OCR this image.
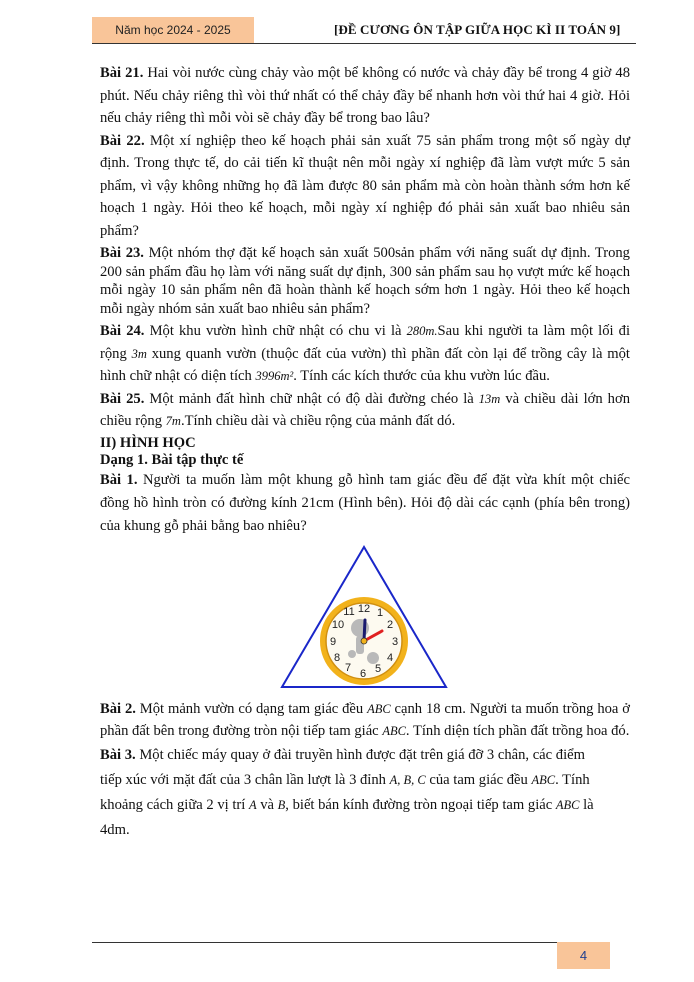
Năm học 2024 - 2025	[ĐỀ CƯƠNG ÔN TẬP GIỮA HỌC KÌ II TOÁN 9]

Bài 21. Hai vòi nước cùng chảy vào một bể không có nước và chảy đầy bể trong 4 giờ 48 phút. Nếu chảy riêng thì vòi thứ nhất có thể chảy đầy bể nhanh hơn vòi thứ hai 4 giờ. Hỏi nếu chảy riêng thì mỗi vòi sẽ chảy đầy bể trong bao lâu?

Bài 22. Một xí nghiệp theo kế hoạch phải sản xuất 75 sản phẩm trong một số ngày dự định. Trong thực tế, do cải tiến kĩ thuật nên mỗi ngày xí nghiệp đã làm vượt mức 5 sản phẩm, vì vậy không những họ đã làm được 80 sản phẩm mà còn hoàn thành sớm hơn kế hoạch 1 ngày. Hỏi theo kế hoạch, mỗi ngày xí nghiệp đó phải sản xuất bao nhiêu sản phẩm?

Bài 23. Một nhóm thợ đặt kế hoạch sản xuất 500sản phẩm với năng suất dự định. Trong 200 sản phẩm đầu họ làm với năng suất dự định, 300 sản phẩm sau họ vượt mức kế hoạch mỗi ngày 10 sản phẩm nên đã hoàn thành kế hoạch sớm hơn 1 ngày. Hỏi theo kế hoạch mỗi ngày nhóm sản xuất bao nhiêu sản phẩm?

Bài 24. Một khu vườn hình chữ nhật có chu vi là 280m.Sau khi người ta làm một lối đi rộng 3m xung quanh vườn (thuộc đất của vườn) thì phần đất còn lại để trồng cây là một hình chữ nhật có diện tích 3996m². Tính các kích thước của khu vườn lúc đầu.

Bài 25. Một mảnh đất hình chữ nhật có độ dài đường chéo là 13m và chiều dài lớn hơn chiều rộng 7m.Tính chiều dài và chiều rộng của mảnh đất dó.

II) HÌNH HỌC

Dạng 1. Bài tập thực tế

Bài 1. Người ta muốn làm một khung gỗ hình tam giác đều để đặt vừa khít một chiếc đồng hồ hình tròn có đường kính 21cm (Hình bên). Hỏi độ dài các cạnh (phía bên trong) của khung gỗ phải bằng bao nhiêu?

12 1
2
3
4
5
6
7
8
9
10
11

Bài 2. Một mảnh vườn có dạng tam giác đều ABC cạnh 18 cm. Người ta muốn trồng hoa ở phần đất bên trong đường tròn nội tiếp tam giác ABC. Tính diện tích phần đất trồng hoa đó.

Bài 3. Một chiếc máy quay ở đài truyền hình được đặt trên giá đỡ 3 chân, các điểm tiếp xúc với mặt đất của 3 chân lần lượt là 3 đỉnh A, B, C của tam giác đều ABC. Tính khoảng cách giữa 2 vị trí A và B, biết bán kính đường tròn ngoại tiếp tam giác ABC là 4dm.

4
